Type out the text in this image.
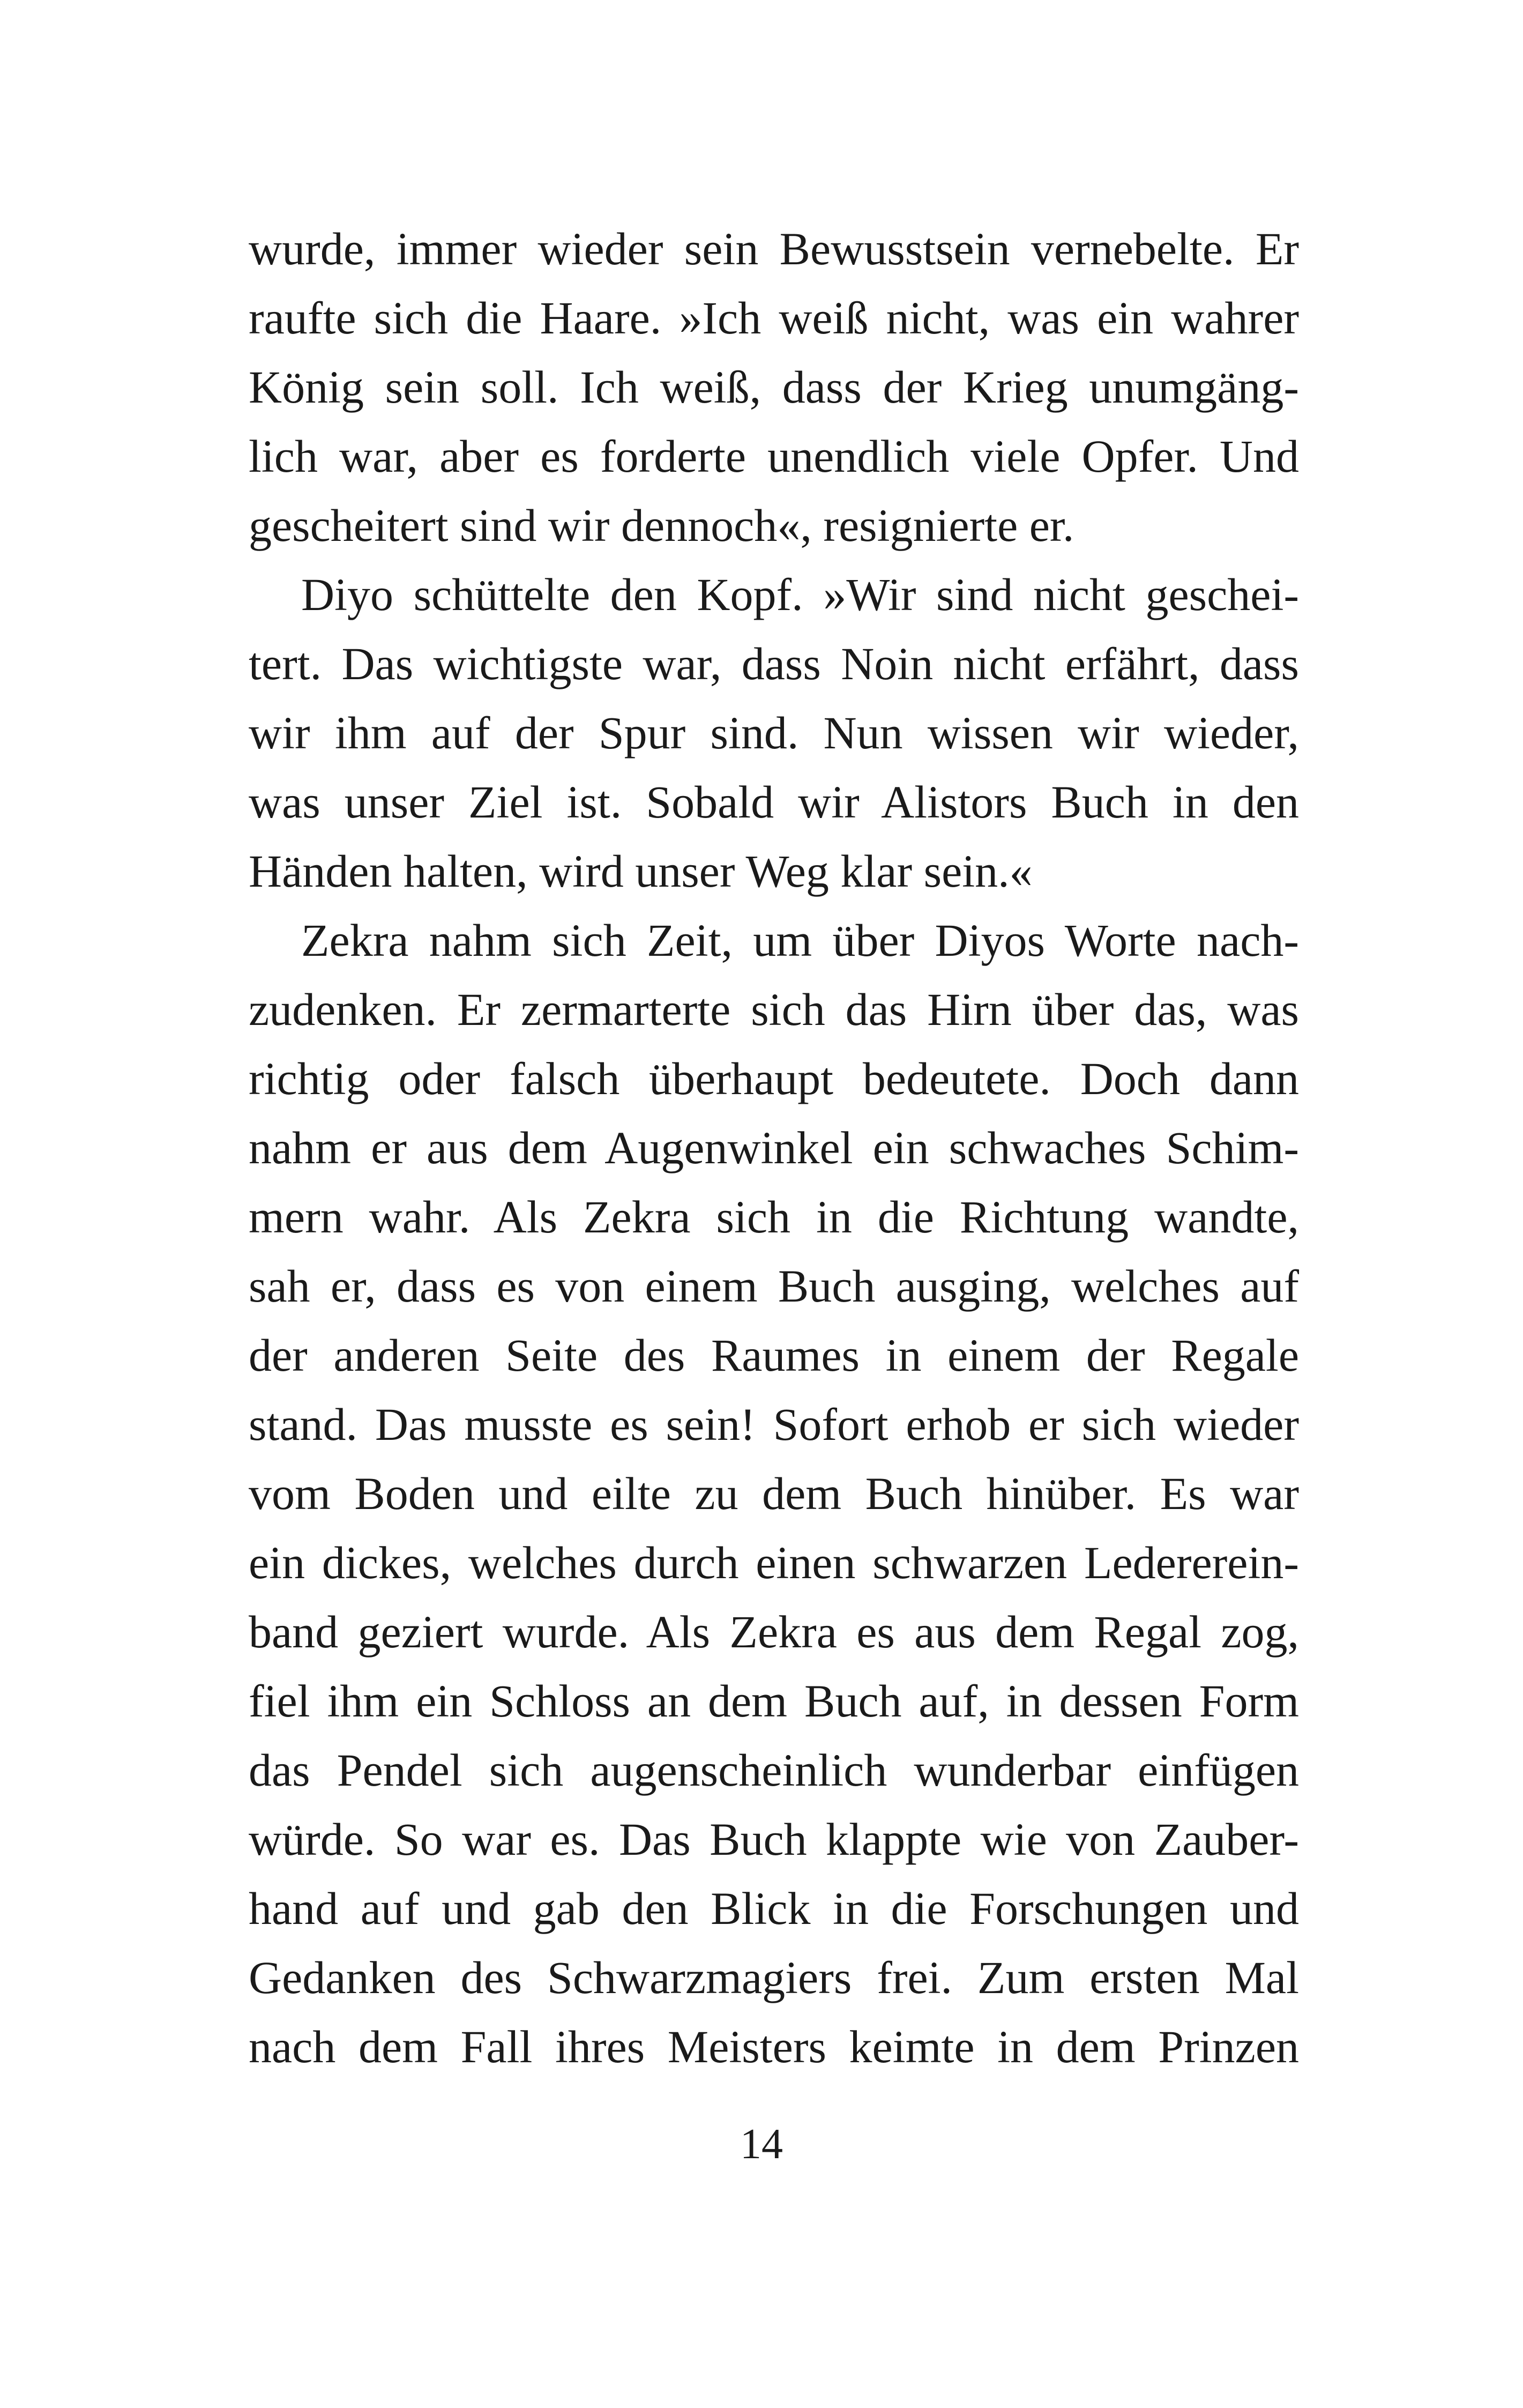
wurde, immer wieder sein Bewusstsein vernebelte. Er
raufte sich die Haare. »Ich weiß nicht, was ein wahrer
König sein soll. Ich weiß, dass der Krieg unumgäng-
lich war, aber es forderte unendlich viele Opfer. Und
gescheitert sind wir dennoch«, resignierte er.
Diyo schüttelte den Kopf. »Wir sind nicht geschei-
tert. Das wichtigste war, dass Noin nicht erfährt, dass
wir ihm auf der Spur sind. Nun wissen wir wieder,
was unser Ziel ist. Sobald wir Alistors Buch in den
Händen halten, wird unser Weg klar sein.«
Zekra nahm sich Zeit, um über Diyos Worte nach-
zudenken. Er zermarterte sich das Hirn über das, was
richtig oder falsch überhaupt bedeutete. Doch dann
nahm er aus dem Augenwinkel ein schwaches Schim-
mern wahr. Als Zekra sich in die Richtung wandte,
sah er, dass es von einem Buch ausging, welches auf
der anderen Seite des Raumes in einem der Regale
stand. Das musste es sein! Sofort erhob er sich wieder
vom Boden und eilte zu dem Buch hinüber. Es war
ein dickes, welches durch einen schwarzen Ledererein-
band geziert wurde. Als Zekra es aus dem Regal zog,
fiel ihm ein Schloss an dem Buch auf, in dessen Form
das Pendel sich augenscheinlich wunderbar einfügen
würde. So war es. Das Buch klappte wie von Zauber-
hand auf und gab den Blick in die Forschungen und
Gedanken des Schwarzmagiers frei. Zum ersten Mal
nach dem Fall ihres Meisters keimte in dem Prinzen
14
